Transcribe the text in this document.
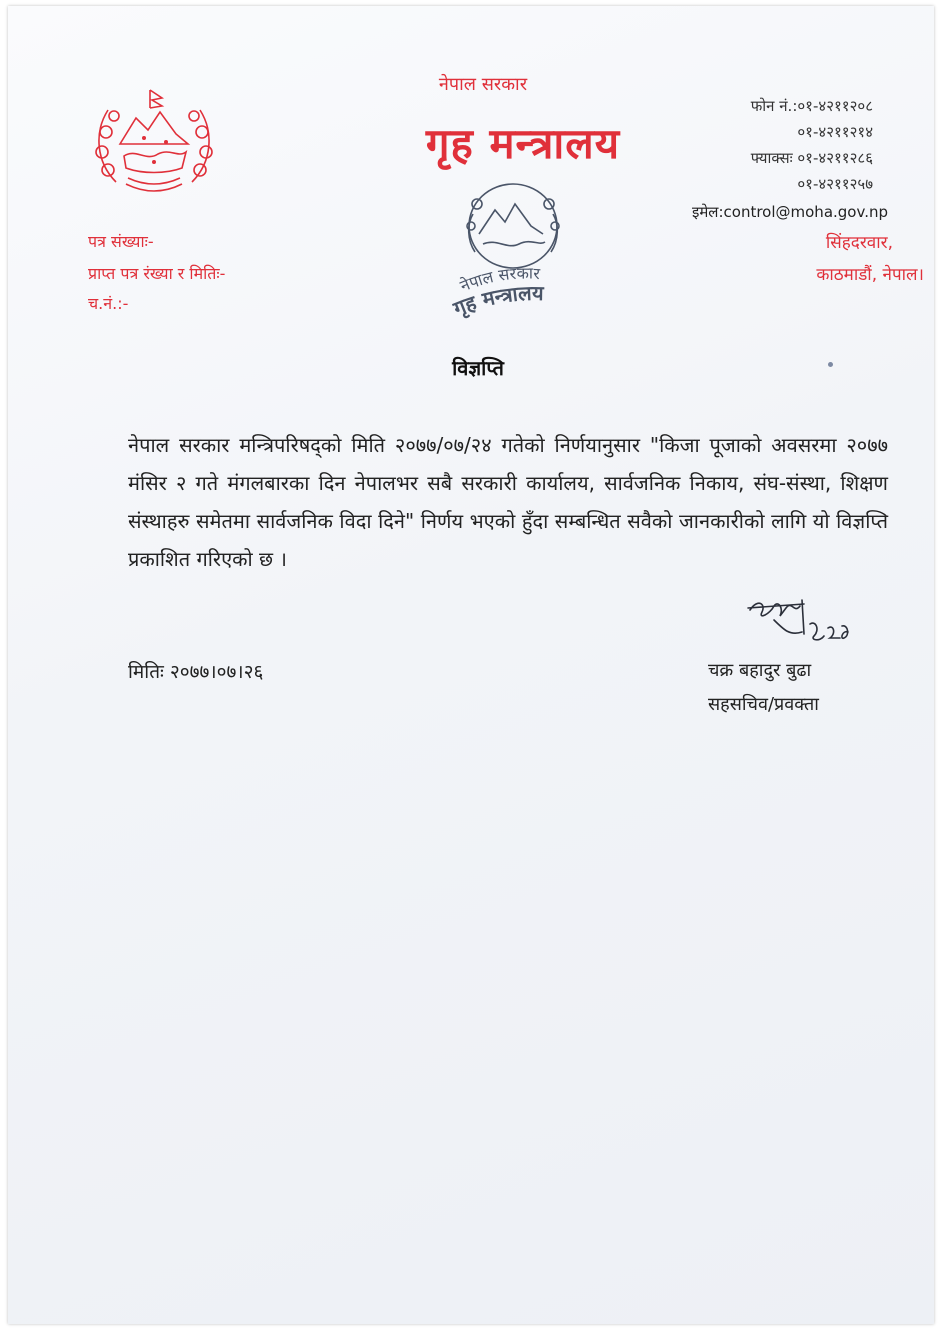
नेपाल सरकार
गृह मन्त्रालय
फोन नं.:०१-४२११२०८
०१-४२११२१४
फ्याक्सः ०१-४२११२८६
०१-४२११२५७
इमेल:control@moha.gov.np
सिंहदरवार,
काठमाडौं, नेपाल।
पत्र संख्याः-
प्राप्त पत्र रंख्या र मितिः-
च.नं.:-
नेपाल सरकार
गृह मन्त्रालय
विज्ञप्ति
नेपाल सरकार मन्त्रिपरिषद्को मिति २०७७/०७/२४ गतेको निर्णयानुसार "किजा पूजाको अवसरमा २०७७ मंसिर २ गते मंगलबारका दिन नेपालभर सबै सरकारी कार्यालय, सार्वजनिक निकाय, संघ-संस्था, शिक्षण संस्थाहरु समेतमा सार्वजनिक विदा दिने" निर्णय भएको हुँदा सम्बन्धित सवैको जानकारीको लागि यो विज्ञप्ति प्रकाशित गरिएको छ ।
मितिः २०७७।०७।२६	चक्र बहादुर बुढा
सहसचिव/प्रवक्ता
